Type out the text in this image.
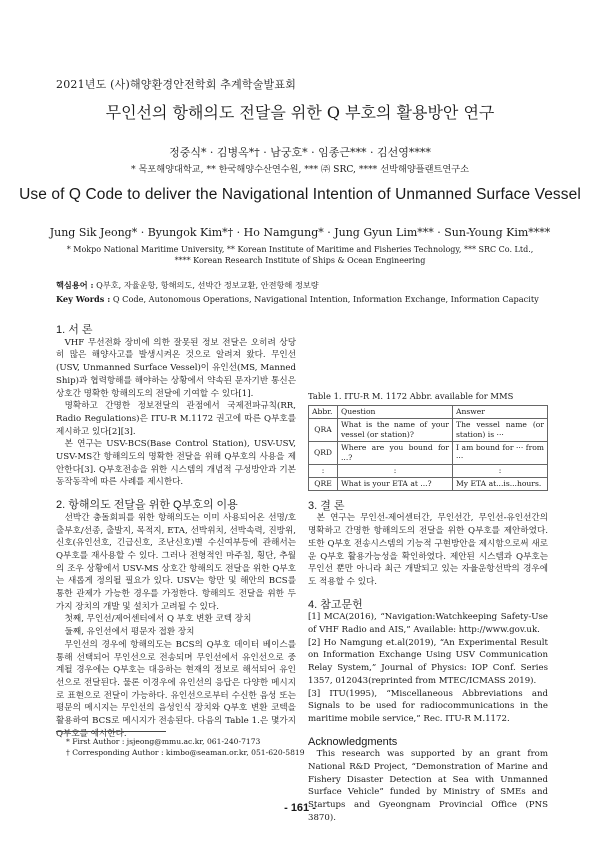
2021년도 (사)해양환경안전학회 추계학술발표회
무인선의 항해의도 전달을 위한 Q 부호의 활용방안 연구
정중식* · 김병옥*† · 남궁호* · 임종근*** · 김선영****
* 목포해양대학교, ** 한국해양수산연수원, *** ㈜ SRC, **** 선박해양플랜트연구소
Use of Q Code to deliver the Navigational Intention of Unmanned Surface Vessel
Jung Sik Jeong* · Byungok Kim*† · Ho Namgung* · Jung Gyun Lim*** · Sun-Young Kim****
* Mokpo National Maritime University, ** Korean Institute of Maritime and Fisheries Technology, *** SRC Co. Ltd.,
**** Korean Research Institute of Ships & Ocean Engineering
핵심용어 : Q부호, 자율운항, 항해의도, 선박간 정보교환, 안전항해 정보량
Key Words : Q Code, Autonomous Operations, Navigational Intention, Information Exchange, Information Capacity
1. 서 론

VHF 무선전화 장비에 의한 잘못된 정보 전달은 오히려 상당히 많은 해양사고를 발생시켜온 것으로 알려져 왔다. 무인선(USV, Unmanned Surface Vessel)이 유인선(MS, Manned Ship)과 협력항해를 해야하는 상황에서 약속된 문자기반 통신은 상호간 명확한 항해의도의 전달에 기여할 수 있다[1].

명확하고 간명한 정보전달의 관점에서 국제전파규칙(RR, Radio Regulations)은 ITU-R M.1172 권고에 따른 Q부호를 제시하고 있다[2][3].

본 연구는 USV-BCS(Base Control Station), USV-USV, USV-MS간 항해의도의 명확한 전달을 위해 Q부호의 사용을 제안한다[3]. Q부호전송을 위한 시스템의 개념적 구성방안과 기본 동작동작에 따른 사례를 제시한다.

2. 항해의도 전달을 위한 Q부호의 이용

선박간 충돌회피를 위한 항해의도는 이미 사용되어온 선명/호출부호/선종, 출발지, 목적지, ETA, 선박위치, 선박속력, 진방위, 신호(유인선호, 긴급신호, 조난신호)별 수신여부등에 관해서는 Q부호를 재사용할 수 있다. 그러나 전형적인 마주침, 횡단, 추월의 조우 상황에서 USV-MS 상호간 항해의도 전달을 위한 Q부호는 새롭게 정의될 필요가 있다. USV는 항만 및 해안의 BCS를 통한 관제가 가능한 경우를 가정한다. 항해의도 전달을 위한 두 가지 장치의 개발 및 설치가 고려될 수 있다.

첫째, 무인선/제어센터에서 Q 부호 변환 코텍 장치

둘째, 유인선에서 평문자 접환 장치

무인선의 경우에 항해의도는 BCS의 Q부호 데이터 베이스를 통해 선택되어 무인선으로 전송되며 무인선에서 유인선으로 중계될 경우에는 Q부호는 대응하는 현재의 정보로 해석되어 유인선으로 전달된다. 물론 이경우에 유인선의 응답은 다양한 메시지로 표현으로 전달이 가능하다. 유인선으로부터 수신한 음성 또는 평문의 메시지는 무인선의 음성인식 장치와 Q부호 변환 코텍을 활용하여 BCS로 메시지가 전송된다. 다음의 Table 1.은 몇가지 Q부호를 예시한다.

* First Author : jsjeong@mmu.ac.kr, 061-240-7173
† Corresponding Author : kimbo@seaman.or.kr, 051-620-5819
Table 1. ITU-R M. 1172 Abbr. available for MMS
Abbr.	Question	Answer
QRA	What is the name of your vessel (or station)?	The vessel name (or station) is ···
QRD	Where are you bound for ...?	I am bound for ··· from ···
:	:	:
QRE	What is your ETA at ...?	My ETA at...is...hours.
3. 결 론

본 연구는 무인선-제어센터간, 무인선간, 무인선-유인선간의 명확하고 간명한 항해의도의 전달을 위한 Q부호를 제안하였다. 또한 Q부호 전송시스템의 기능적 구현방안을 제시함으로써 새로운 Q부호 활용가능성을 확인하였다. 제안된 시스템과 Q부호는 무인선 뿐만 아니라 최근 개발되고 있는 자율운항선박의 경우에도 적용할 수 있다.

4. 참고문헌

[1] MCA(2016), “Navigation:Watchkeeping Safety-Use of VHF Radio and AIS,” Available: http://www.gov.uk.

[2] Ho Namgung et.al(2019), “An Experimental Result on Information Exchange Using USV Communication Relay System,” Journal of Physics: IOP Conf. Series 1357, 012043(reprinted from MTEC/ICMASS 2019).

[3] ITU(1995), “Miscellaneous Abbreviations and Signals to be used for radiocommunications in the maritime mobile service,” Rec. ITU-R M.1172.

Acknowledgments

This research was supported by an grant from National R&D Project, “Demonstration of Marine and Fishery Disaster Detection at Sea with Unmanned Surface Vehicle” funded by Ministry of SMEs and Startups and Gyeongnam Provincial Office (PNS 3870).

- 161 -
